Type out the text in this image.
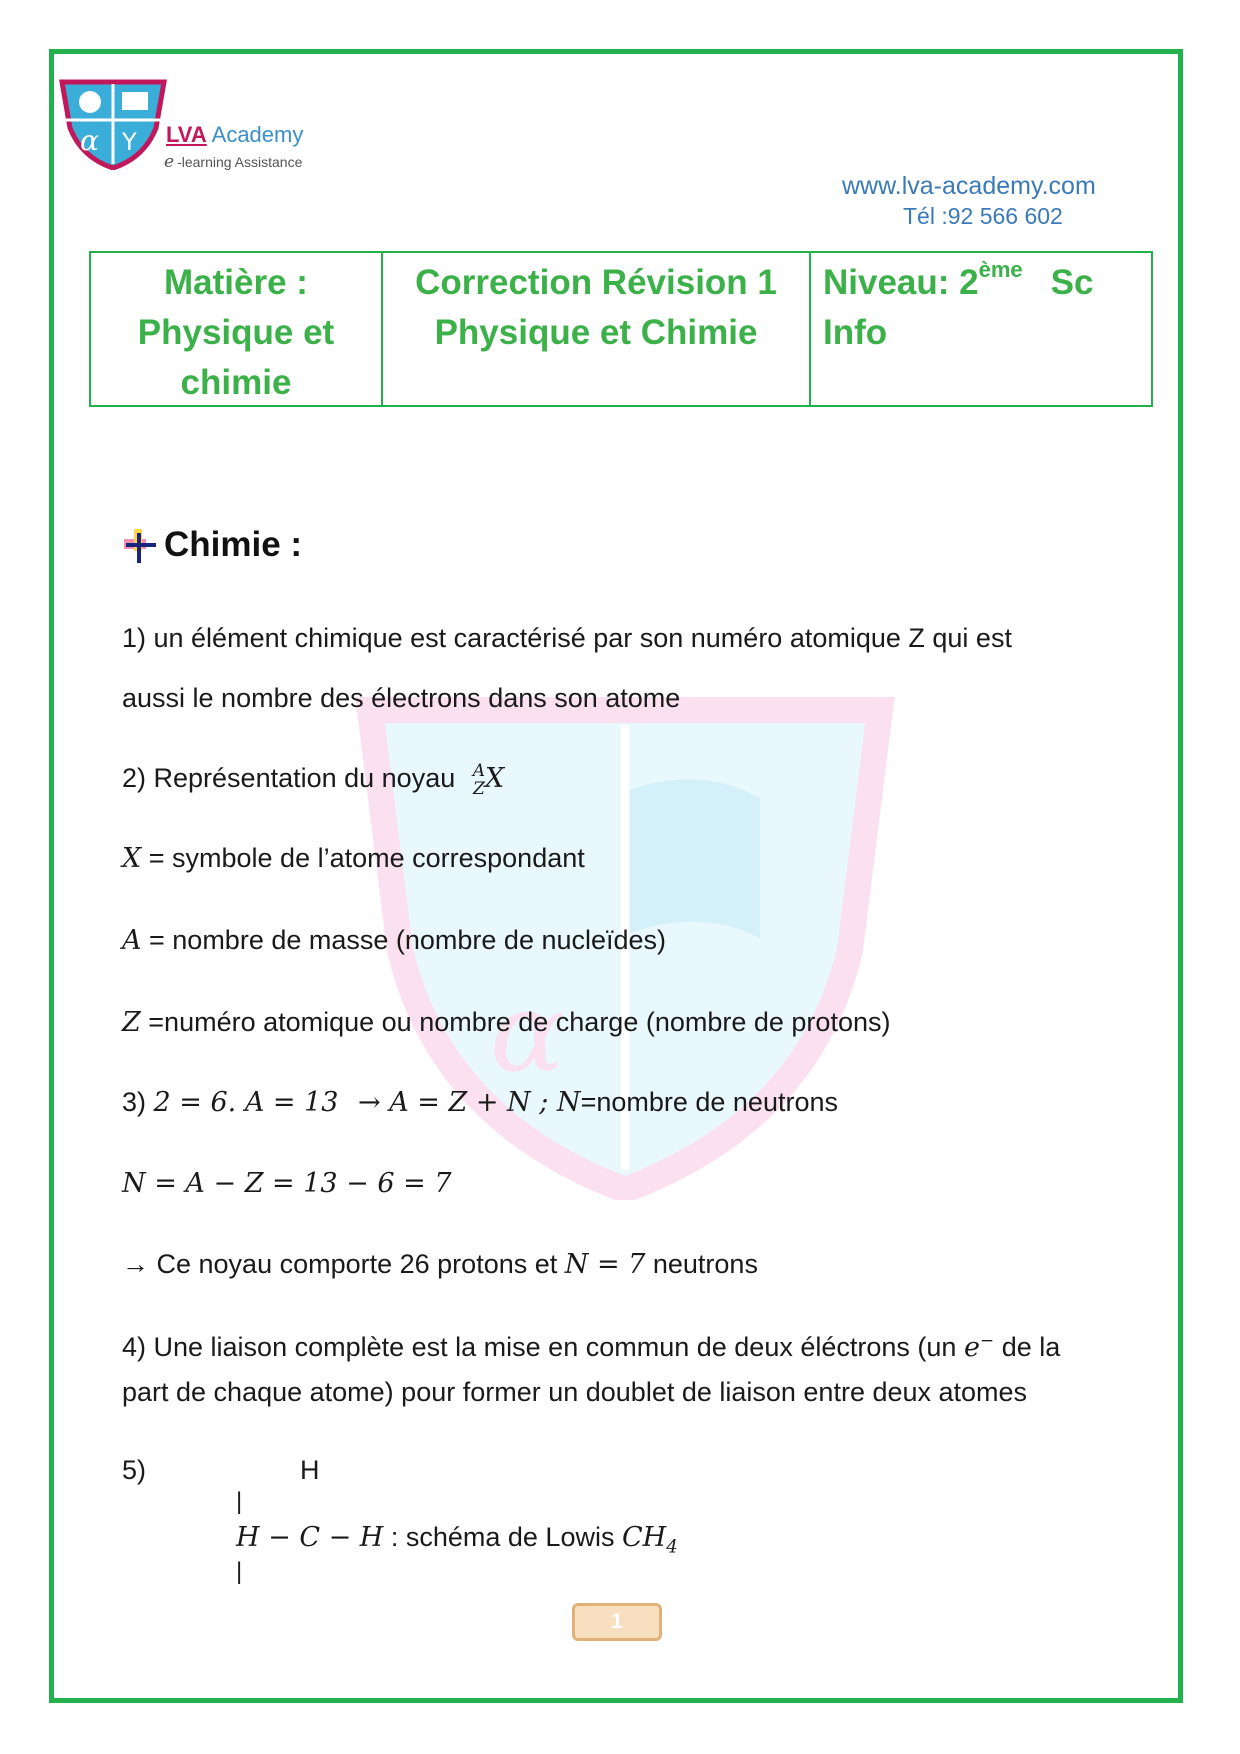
α
α Y LVA Academy
e -learning Assistance
www.lva-academy.com
Tél :92 566 602
Matière :
Physique et
chimie
Correction Révision 1
Physique et Chimie
Niveau: 2ème Sc
Info
Chimie :
1) un élément chimique est caractérisé par son numéro atomique Z qui est
aussi le nombre des électrons dans son atome
2) Représentation du noyau A
Z X
X = symbole de l’atome correspondant
A = nombre de masse (nombre de nucleïdes)
Z =numéro atomique ou nombre de charge (nombre de protons)
3) 2 = 6. A = 13 → A = Z + N ; N=nombre de neutrons
N = A − Z = 13 − 6 = 7
→ Ce noyau comporte 26 protons et N = 7 neutrons
4) Une liaison complète est la mise en commun de deux éléctrons (un e− de la
part de chaque atome) pour former un doublet de liaison entre deux atomes
5)	H
|
H − C − H : schéma de Lowis $CH_4$
|
1
